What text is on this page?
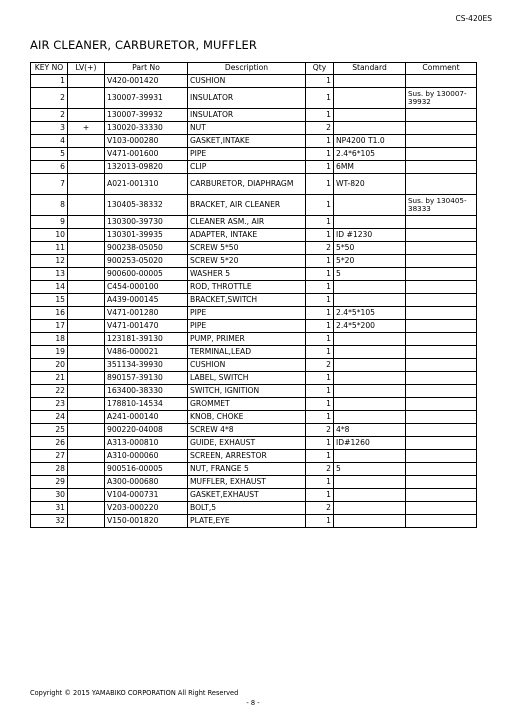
CS-420ES
AIR CLEANER, CARBURETOR, MUFFLER
KEY NO	LV(+)	Part No	Description	Qty	Standard	Comment
1		V420-001420	CUSHION	1		
2		130007-39931	INSULATOR	1		Sus. by 130007-39932
2		130007-39932	INSULATOR	1		
3	+	130020-33330	NUT	2		
4		V103-000280	GASKET,INTAKE	1	NP4200 T1.0	
5		V471-001600	PIPE	1	2.4*6*105	
6		132013-09820	CLIP	1	6MM	
7		A021-001310	CARBURETOR, DIAPHRAGM	1	WT-820	
8		130405-38332	BRACKET, AIR CLEANER	1		Sus. by 130405-38333
9		130300-39730	CLEANER ASM., AIR	1		
10		130301-39935	ADAPTER, INTAKE	1	ID #1230	
11		900238-05050	SCREW 5*50	2	5*50	
12		900253-05020	SCREW 5*20	1	5*20	
13		900600-00005	WASHER 5	1	5	
14		C454-000100	ROD, THROTTLE	1		
15		A439-000145	BRACKET,SWITCH	1		
16		V471-001280	PIPE	1	2.4*5*105	
17		V471-001470	PIPE	1	2.4*5*200	
18		123181-39130	PUMP, PRIMER	1		
19		V486-000021	TERMINAL,LEAD	1		
20		351134-39930	CUSHION	2		
21		890157-39130	LABEL, SWITCH	1		
22		163400-38330	SWITCH, IGNITION	1		
23		178810-14534	GROMMET	1		
24		A241-000140	KNOB, CHOKE	1		
25		900220-04008	SCREW 4*8	2	4*8	
26		A313-000810	GUIDE, EXHAUST	1	ID#1260	
27		A310-000060	SCREEN, ARRESTOR	1		
28		900516-00005	NUT, FRANGE 5	2	5	
29		A300-000680	MUFFLER, EXHAUST	1		
30		V104-000731	GASKET,EXHAUST	1		
31		V203-000220	BOLT,5	2		
32		V150-001820	PLATE,EYE	1		
Copyright © 2015 YAMABIKO CORPORATION All Right Reserved
- 8 -
